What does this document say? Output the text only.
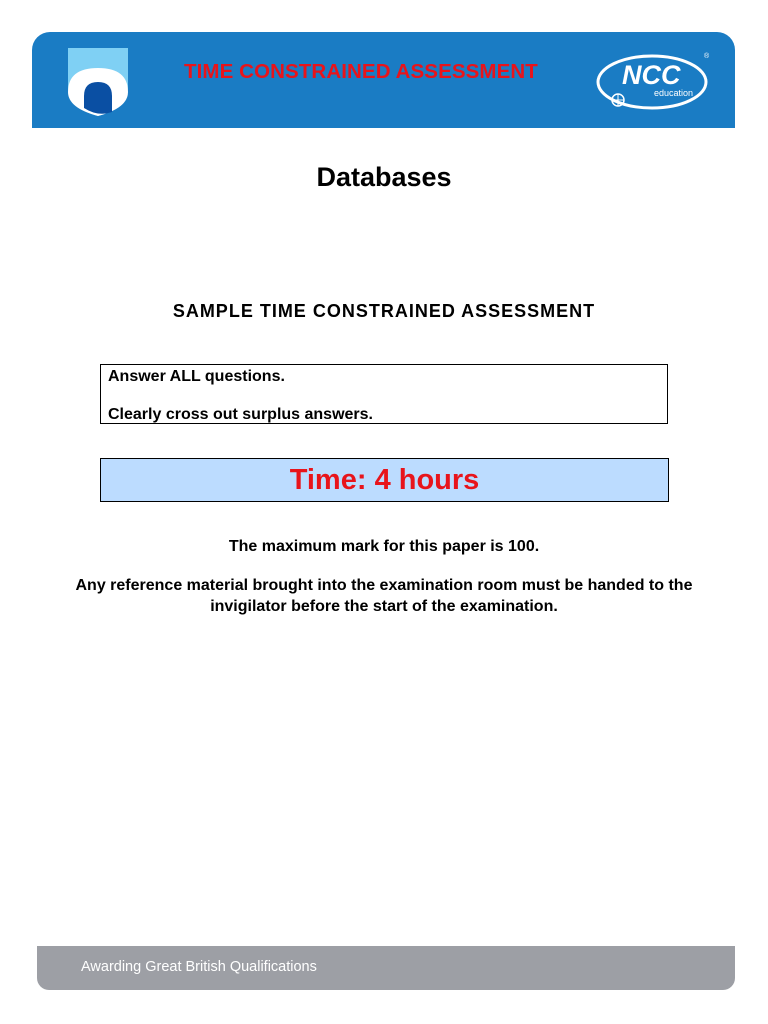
TIME CONSTRAINED ASSESSMENT	NCC
education
®
Databases
SAMPLE TIME CONSTRAINED ASSESSMENT

Answer ALL questions.

Clearly cross out surplus answers.

Time: 4 hours

The maximum mark for this paper is 100.

Any reference material brought into the examination room must be handed to the invigilator before the start of the examination.

Awarding Great British Qualifications
